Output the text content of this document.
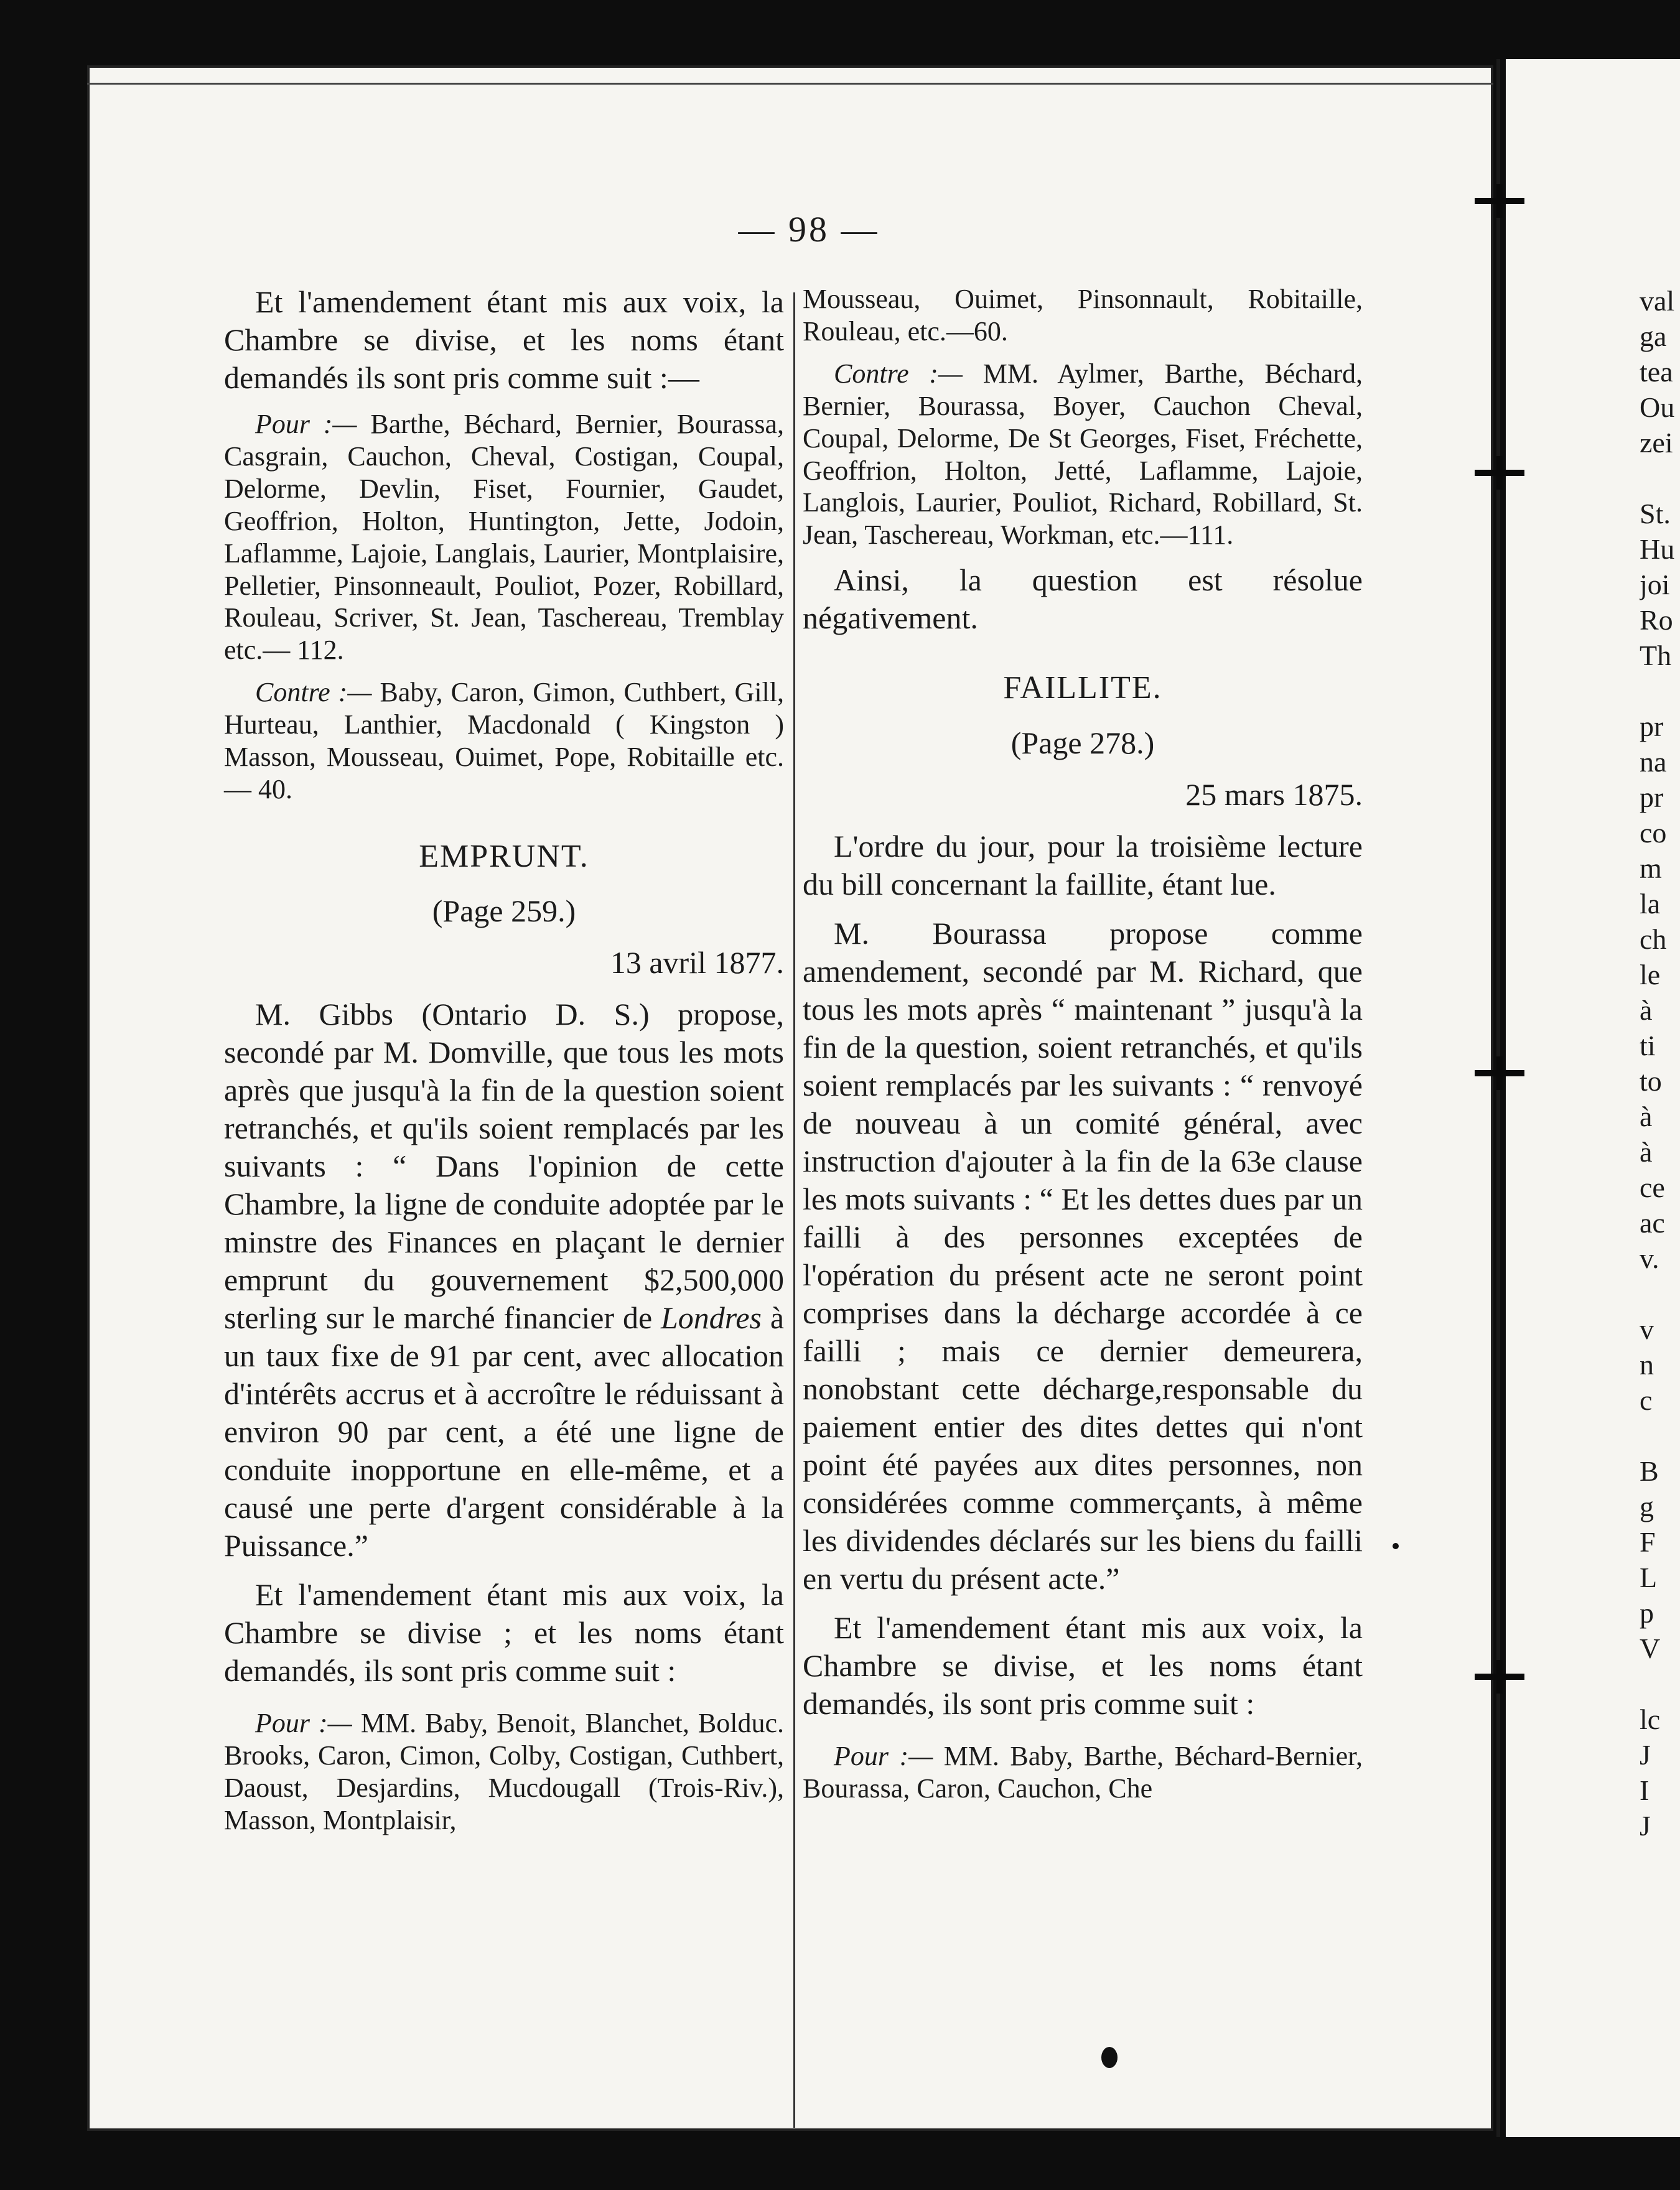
— 98 —

Et l'amendement étant mis aux voix, la Chambre se divise, et les noms étant demandés ils sont pris comme suit :—

Pour :— Barthe, Béchard, Bernier, Bourassa, Casgrain, Cauchon, Cheval, Costigan, Coupal, Delorme, Devlin, Fiset, Fournier, Gaudet, Geoffrion, Holton, Huntington, Jette, Jodoin, Laflamme, Lajoie, Langlais, Laurier, Montplaisire, Pelletier, Pinsonneault, Pouliot, Pozer, Robillard, Rouleau, Scriver, St. Jean, Taschereau, Tremblay etc.— 112.

Contre :— Baby, Caron, Gimon, Cuthbert, Gill, Hurteau, Lanthier, Macdonald ( Kingston ) Masson, Mousseau, Ouimet, Pope, Robitaille etc.— 40.

EMPRUNT.

(Page 259.)

13 avril 1877.

M. Gibbs (Ontario D. S.) propose, secondé par M. Domville, que tous les mots après que jusqu'à la fin de la question soient retranchés, et qu'ils soient remplacés par les suivants : “ Dans l'opinion de cette Chambre, la ligne de conduite adoptée par le minstre des Finances en plaçant le dernier emprunt du gouvernement $2,500,000 sterling sur le marché financier de Londres à un taux fixe de 91 par cent, avec allocation d'intérêts accrus et à accroître le réduissant à environ 90 par cent, a été une ligne de conduite inopportune en elle-même, et a causé une perte d'argent considérable à la Puissance.”

Et l'amendement étant mis aux voix, la Chambre se divise ; et les noms étant demandés, ils sont pris comme suit :

Pour :— MM. Baby, Benoit, Blanchet, Bolduc. Brooks, Caron, Cimon, Colby, Costigan, Cuthbert, Daoust, Desjardins, Mucdougall (Trois-Riv.), Masson, Montplaisir,

Mousseau, Ouimet, Pinsonnault, Robitaille, Rouleau, etc.—60.

Contre :— MM. Aylmer, Barthe, Béchard, Bernier, Bourassa, Boyer, Cauchon Cheval, Coupal, Delorme, De St Georges, Fiset, Fréchette, Geoffrion, Holton, Jetté, Laflamme, Lajoie, Langlois, Laurier, Pouliot, Richard, Robillard, St. Jean, Taschereau, Workman, etc.—111.

Ainsi, la question est résolue négativement.

FAILLITE.

(Page 278.)

25 mars 1875.

L'ordre du jour, pour la troisième lecture du bill concernant la faillite, étant lue.

M. Bourassa propose comme amendement, secondé par M. Richard, que tous les mots après “ maintenant ” jusqu'à la fin de la question, soient retranchés, et qu'ils soient remplacés par les suivants : “ renvoyé de nouveau à un comité général, avec instruction d'ajouter à la fin de la 63e clause les mots suivants : “ Et les dettes dues par un failli à des personnes exceptées de l'opération du présent acte ne seront point comprises dans la décharge accordée à ce failli ; mais ce dernier demeurera, nonobstant cette décharge,responsable du paiement entier des dites dettes qui n'ont point été payées aux dites personnes, non considérées comme commerçants, à même les dividendes déclarés sur les biens du failli en vertu du présent acte.”

Et l'amendement étant mis aux voix, la Chambre se divise, et les noms étant demandés, ils sont pris comme suit :

Pour :— MM. Baby, Barthe, Béchard-Bernier, Bourassa, Caron, Cauchon, Che

val
ga
tea
Ou
zei
St.
Hu
joi
Ro
Th
pr
na
pr
co
m
la
ch
le
à
ti
to
à
à
ce
ac
v.
v
n
c
B
g
F
L
p
V
lc
J
I
J
